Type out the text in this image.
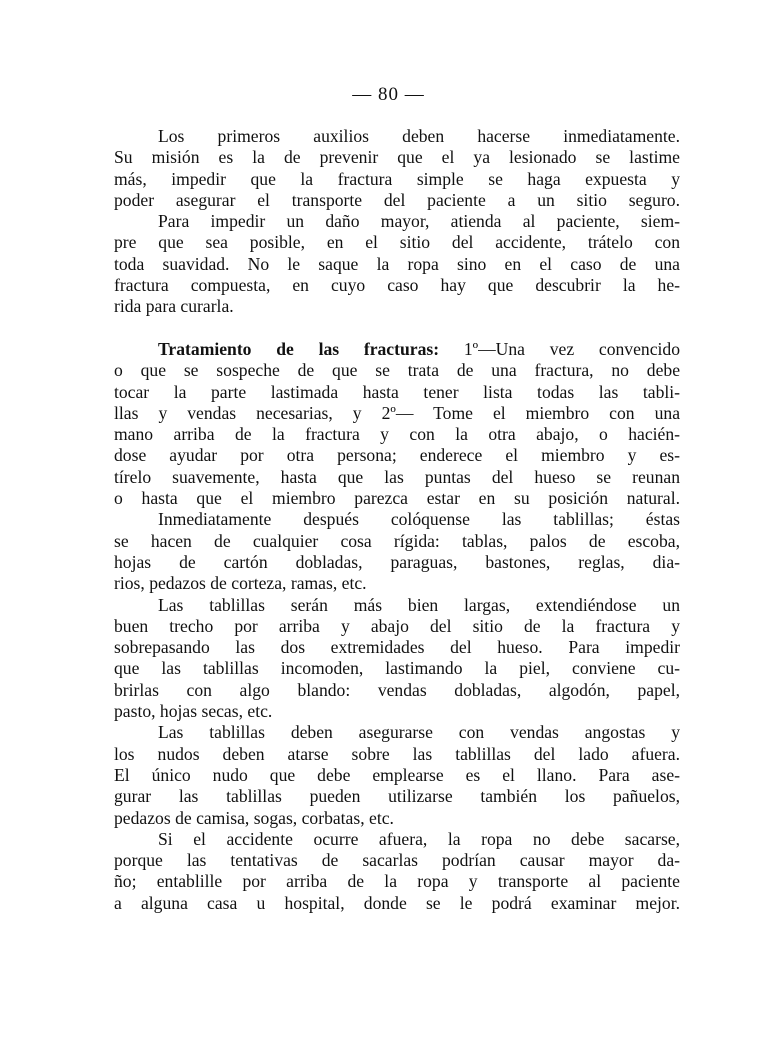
— 80 —
Los primeros auxilios deben hacerse inmediatamente.
Su misión es la de prevenir que el ya lesionado se lastime
más, impedir que la fractura simple se haga expuesta y
poder asegurar el transporte del paciente a un sitio seguro.
Para impedir un daño mayor, atienda al paciente, siem-
pre que sea posible, en el sitio del accidente, trátelo con
toda suavidad. No le saque la ropa sino en el caso de una
fractura compuesta, en cuyo caso hay que descubrir la he-
rida para curarla.
Tratamiento de las fracturas: 1º—Una vez convencido
o que se sospeche de que se trata de una fractura, no debe
tocar la parte lastimada hasta tener lista todas las tabli-
llas y vendas necesarias, y 2º— Tome el miembro con una
mano arriba de la fractura y con la otra abajo, o hacién-
dose ayudar por otra persona; enderece el miembro y es-
tírelo suavemente, hasta que las puntas del hueso se reunan
o hasta que el miembro parezca estar en su posición natural.
Inmediatamente después colóquense las tablillas; éstas
se hacen de cualquier cosa rígida: tablas, palos de escoba,
hojas de cartón dobladas, paraguas, bastones, reglas, dia-
rios, pedazos de corteza, ramas, etc.
Las tablillas serán más bien largas, extendiéndose un
buen trecho por arriba y abajo del sitio de la fractura y
sobrepasando las dos extremidades del hueso. Para impedir
que las tablillas incomoden, lastimando la piel, conviene cu-
brirlas con algo blando: vendas dobladas, algodón, papel,
pasto, hojas secas, etc.
Las tablillas deben asegurarse con vendas angostas y
los nudos deben atarse sobre las tablillas del lado afuera.
El único nudo que debe emplearse es el llano. Para ase-
gurar las tablillas pueden utilizarse también los pañuelos,
pedazos de camisa, sogas, corbatas, etc.
Si el accidente ocurre afuera, la ropa no debe sacarse,
porque las tentativas de sacarlas podrían causar mayor da-
ño; entablille por arriba de la ropa y transporte al paciente
a alguna casa u hospital, donde se le podrá examinar mejor.
